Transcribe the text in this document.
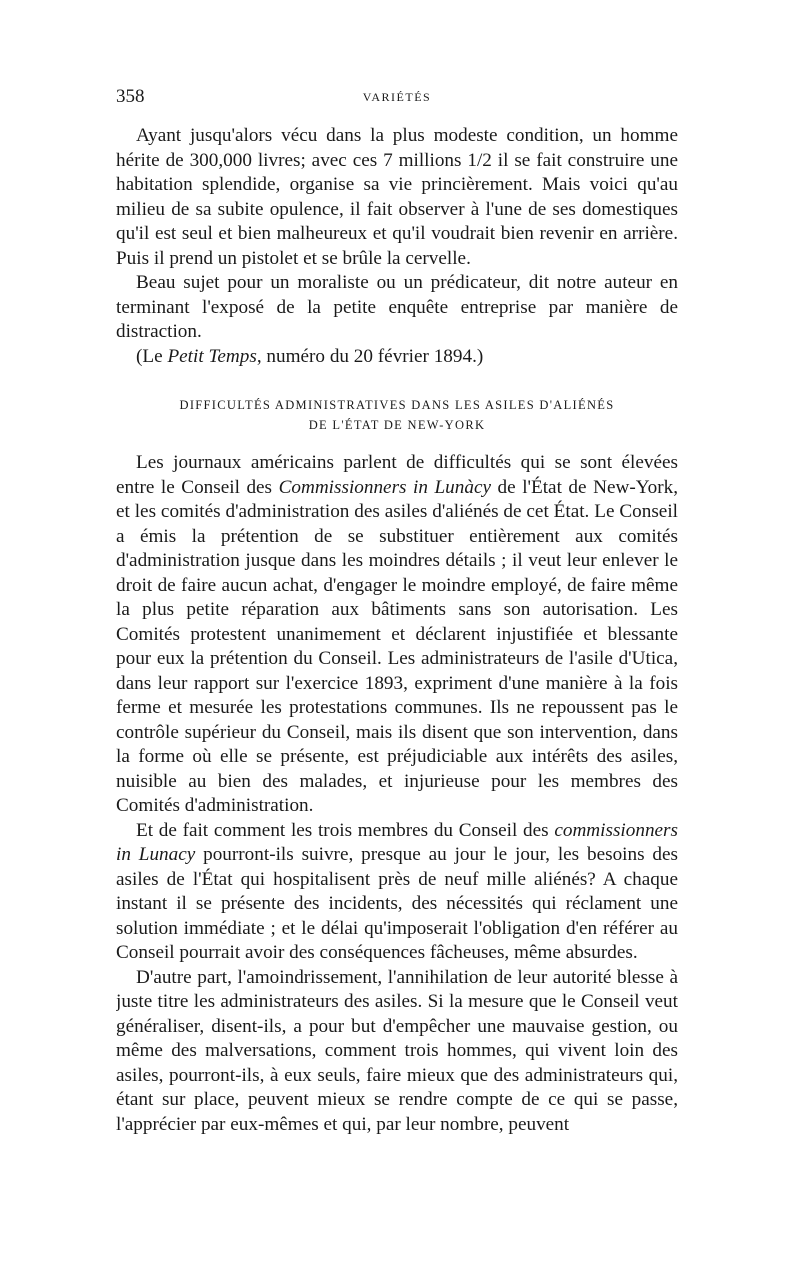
358	VARIÉTÉS

Ayant jusqu'alors vécu dans la plus modeste condition, un homme hérite de 300,000 livres; avec ces 7 millions 1/2 il se fait construire une habitation splendide, organise sa vie princièrement. Mais voici qu'au milieu de sa subite opulence, il fait observer à l'une de ses domestiques qu'il est seul et bien malheureux et qu'il voudrait bien revenir en arrière. Puis il prend un pistolet et se brûle la cervelle.

Beau sujet pour un moraliste ou un prédicateur, dit notre auteur en terminant l'exposé de la petite enquête entreprise par manière de distraction.

(Le Petit Temps, numéro du 20 février 1894.)

DIFFICULTÉS ADMINISTRATIVES DANS LES ASILES D'ALIÉNÉS
DE L'ÉTAT DE NEW-YORK

Les journaux américains parlent de difficultés qui se sont élevées entre le Conseil des Commissionners in Lunàcy de l'État de New-York, et les comités d'administration des asiles d'aliénés de cet État. Le Conseil a émis la prétention de se substituer entièrement aux comités d'administration jusque dans les moindres détails ; il veut leur enlever le droit de faire aucun achat, d'engager le moindre employé, de faire même la plus petite réparation aux bâtiments sans son autorisation. Les Comités protestent unanimement et déclarent injustifiée et blessante pour eux la prétention du Conseil. Les administrateurs de l'asile d'Utica, dans leur rapport sur l'exercice 1893, expriment d'une manière à la fois ferme et mesurée les protestations communes. Ils ne repoussent pas le contrôle supérieur du Conseil, mais ils disent que son intervention, dans la forme où elle se présente, est préjudiciable aux intérêts des asiles, nuisible au bien des malades, et injurieuse pour les membres des Comités d'administration.

Et de fait comment les trois membres du Conseil des commissionners in Lunacy pourront-ils suivre, presque au jour le jour, les besoins des asiles de l'État qui hospitalisent près de neuf mille aliénés? A chaque instant il se présente des incidents, des nécessités qui réclament une solution immédiate ; et le délai qu'imposerait l'obligation d'en référer au Conseil pourrait avoir des conséquences fâcheuses, même absurdes.

D'autre part, l'amoindrissement, l'annihilation de leur autorité blesse à juste titre les administrateurs des asiles. Si la mesure que le Conseil veut généraliser, disent-ils, a pour but d'empêcher une mauvaise gestion, ou même des malversations, comment trois hommes, qui vivent loin des asiles, pourront-ils, à eux seuls, faire mieux que des administrateurs qui, étant sur place, peuvent mieux se rendre compte de ce qui se passe, l'apprécier par eux-mêmes et qui, par leur nombre, peuvent
